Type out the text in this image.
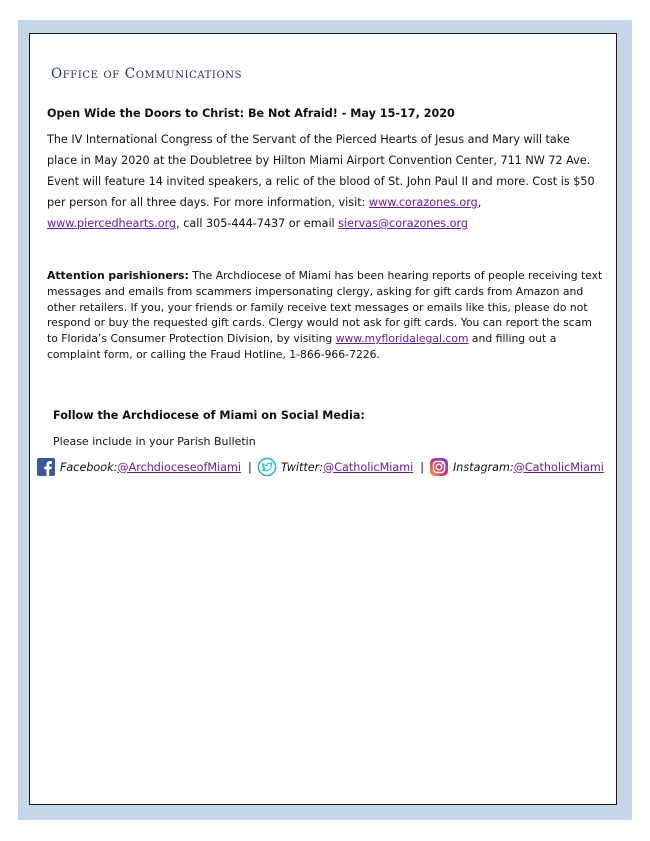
Office of Communications

Open Wide the Doors to Christ: Be Not Afraid! - May 15-17, 2020

The IV International Congress of the Servant of the Pierced Hearts of Jesus and Mary will take place in May 2020 at the Doubletree by Hilton Miami Airport Convention Center, 711 NW 72 Ave. Event will feature 14 invited speakers, a relic of the blood of St. John Paul II and more. Cost is $50 per person for all three days. For more information, visit: www.corazones.org, www.piercedhearts.org, call 305-444-7437 or email siervas@corazones.org

Attention parishioners: The Archdiocese of Miami has been hearing reports of people receiving text messages and emails from scammers impersonating clergy, asking for gift cards from Amazon and other retailers. If you, your friends or family receive text messages or emails like this, please do not respond or buy the requested gift cards. Clergy would not ask for gift cards. You can report the scam to Florida’s Consumer Protection Division, by visiting www.myfloridalegal.com and filling out a complaint form, or calling the Fraud Hotline, 1-866-966-7226.

Follow the Archdiocese of Miami on Social Media:

Please include in your Parish Bulletin

Facebook: @ArchdioceseofMiami |	Twitter: @CatholicMiami |	Instagram: @CatholicMiami
